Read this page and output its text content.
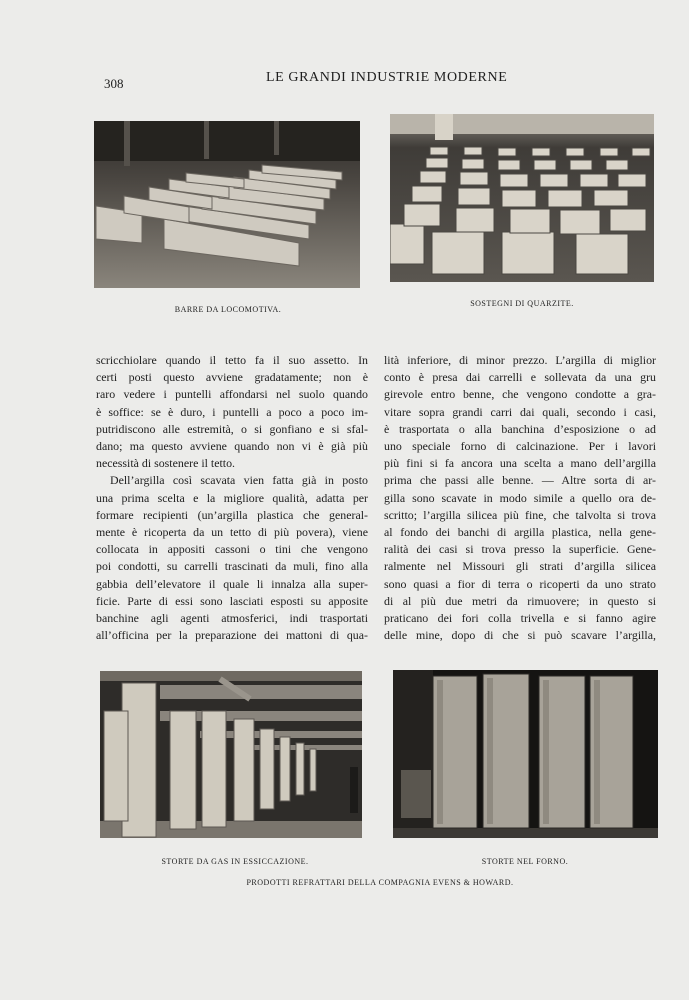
308	LE GRANDI INDUSTRIE MODERNE
BARRE DA LOCOMOTIVA.
SOSTEGNI DI QUARZITE.

scricchiolare quando il tetto fa il suo assetto. In
certi posti questo avviene gradatamente; non è
raro vedere i puntelli affondarsi nel suolo quando
è soffice: se è duro, i puntelli a poco a poco im-
putridiscono alle estremità, o si gonfiano e si sfal-
dano; ma questo avviene quando non vi è già più
necessità di sostenere il tetto.

Dell’argilla così scavata vien fatta già in posto
una prima scelta e la migliore qualità, adatta per
formare recipienti (un’argilla plastica che general-
mente è ricoperta da un tetto di più povera), viene
collocata in appositi cassoni o tini che vengono
poi condotti, su carrelli trascinati da muli, fino alla
gabbia dell’elevatore il quale li innalza alla super-
ficie. Parte di essi sono lasciati esposti su apposite
banchine agli agenti atmosferici, indi trasportati
all’officina per la preparazione dei mattoni di qua-

lità inferiore, di minor prezzo. L’argilla di miglior
conto è presa dai carrelli e sollevata da una gru
girevole entro benne, che vengono condotte a gra-
vitare sopra grandi carri dai quali, secondo i casi,
è trasportata o alla banchina d’esposizione o ad
uno speciale forno di calcinazione. Per i lavori
più fini si fa ancora una scelta a mano dell’argilla
prima che passi alle benne. — Altre sorta di ar-
gilla sono scavate in modo simile a quello ora de-
scritto; l’argilla silicea più fine, che talvolta si trova
al fondo dei banchi di argilla plastica, nella gene-
ralità dei casi si trova presso la superficie. Gene-
ralmente nel Missouri gli strati d’argilla silicea
sono quasi a fior di terra o ricoperti da uno strato
di al più due metri da rimuovere; in questo si
praticano dei fori colla trivella e si fanno agire
delle mine, dopo di che si può scavare l’argilla,

STORTE DA GAS IN ESSICCAZIONE.	STORTE NEL FORNO.
PRODOTTI REFRATTARI DELLA COMPAGNIA EVENS & HOWARD.
